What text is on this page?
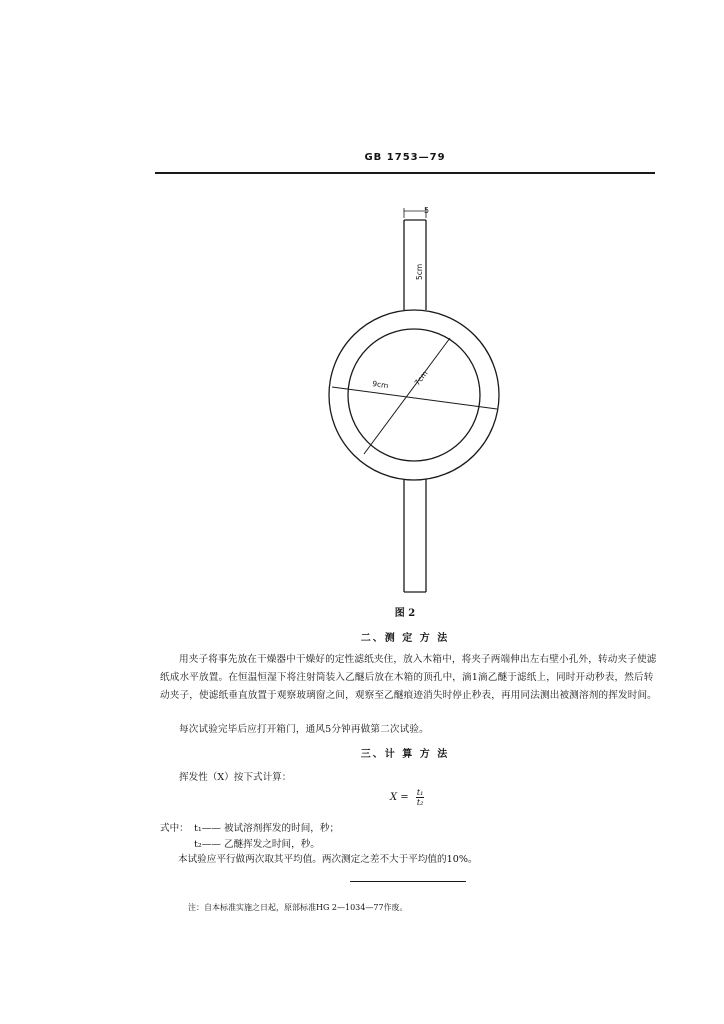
GB 1753—79
5
5cm
9cm	7cm
图 2
二、测 定 方 法
用夹子将事先放在干燥器中干燥好的定性滤纸夹住，放入木箱中，将夹子两端伸出左右壁小孔外，转动夹子使滤纸成水平放置。在恒温恒湿下将注射筒装入乙醚后放在木箱的顶孔中，滴1滴乙醚于滤纸上，同时开动秒表，然后转动夹子，使滤纸垂直放置于观察玻璃窗之间，观察至乙醚痕迹消失时停止秒表，再用同法测出被测溶剂的挥发时间。
每次试验完毕后应打开箱门，通风5分钟再做第二次试验。
三、计 算 方 法
挥发性（X）按下式计算：
$X = \frac{\text{t₁}}{\text{t₂}}$
式中： t₁—— 被试溶剂挥发的时间，秒；
t₂—— 乙醚挥发之时间，秒。
本试验应平行做两次取其平均值。两次测定之差不大于平均值的10%。
注：自本标准实施之日起，原部标准HG 2—1034—77作废。
